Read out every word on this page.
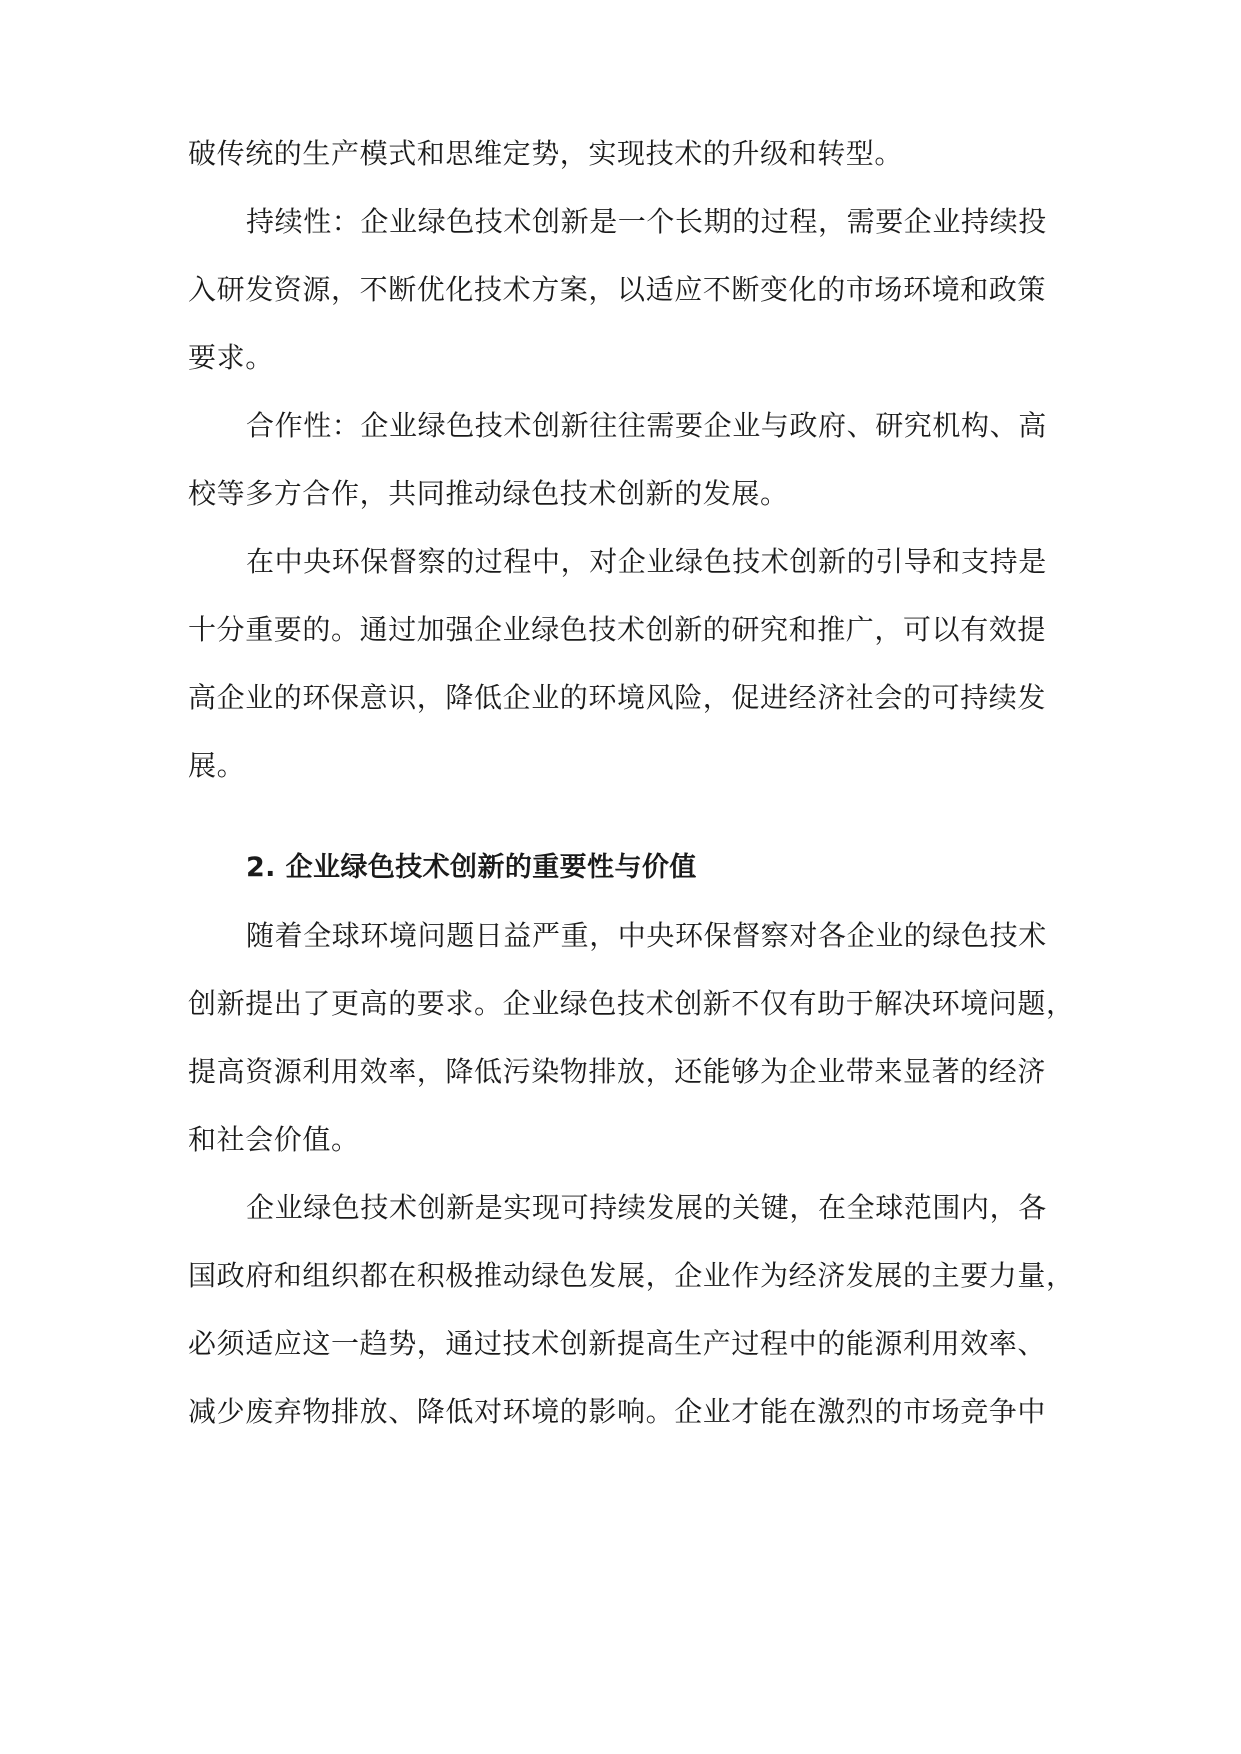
破传统的生产模式和思维定势，实现技术的升级和转型。
持续性：企业绿色技术创新是一个长期的过程，需要企业持续投
入研发资源，不断优化技术方案，以适应不断变化的市场环境和政策
要求。
合作性：企业绿色技术创新往往需要企业与政府、研究机构、高
校等多方合作，共同推动绿色技术创新的发展。
在中央环保督察的过程中，对企业绿色技术创新的引导和支持是
十分重要的。通过加强企业绿色技术创新的研究和推广，可以有效提
高企业的环保意识，降低企业的环境风险，促进经济社会的可持续发
展。
2. 企业绿色技术创新的重要性与价值
随着全球环境问题日益严重，中央环保督察对各企业的绿色技术
创新提出了更高的要求。企业绿色技术创新不仅有助于解决环境问题，
提高资源利用效率，降低污染物排放，还能够为企业带来显著的经济
和社会价值。
企业绿色技术创新是实现可持续发展的关键，在全球范围内，各
国政府和组织都在积极推动绿色发展，企业作为经济发展的主要力量，
必须适应这一趋势，通过技术创新提高生产过程中的能源利用效率、
减少废弃物排放、降低对环境的影响。企业才能在激烈的市场竞争中
